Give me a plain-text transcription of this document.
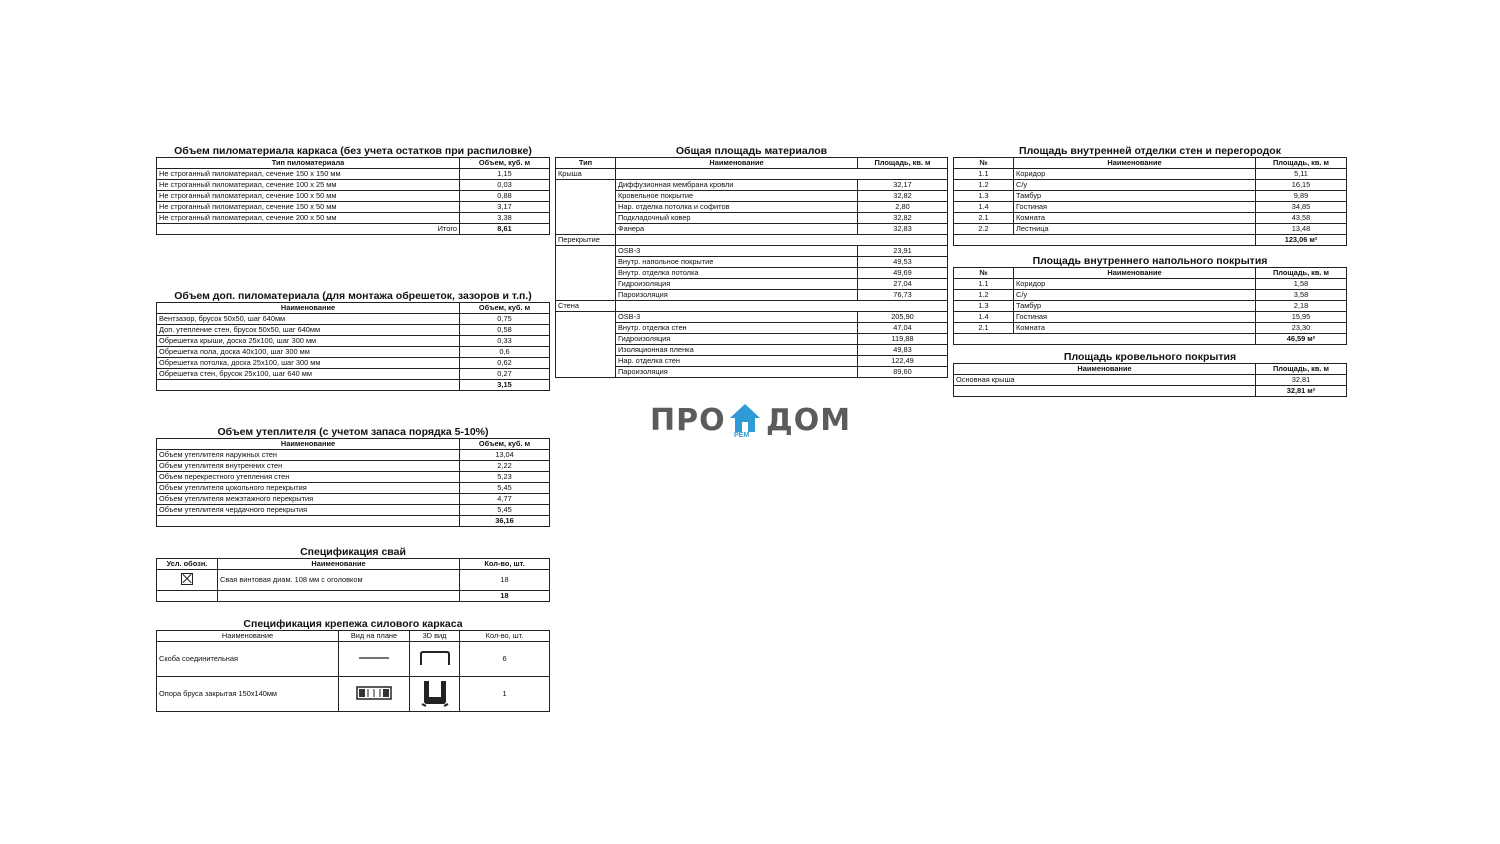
Объем пиломатериала каркаса (без учета остатков при распиловке)
Тип пиломатериала	Объем, куб. м
Не строганный пиломатериал, сечение 150 х 150 мм	1,15
Не строганный пиломатериал, сечение 100 х 25 мм	0,03
Не строганный пиломатериал, сечение 100 х 50 мм	0,88
Не строганный пиломатериал, сечение 150 х 50 мм	3,17
Не строганный пиломатериал, сечение 200 х 50 мм	3,38
Итого	8,61
Объем доп. пиломатериала (для монтажа обрешеток, зазоров и т.п.)
Наименование	Объем, куб. м
Вентзазор, брусок 50х50, шаг 640мм	0,75
Доп. утепление стен, брусок 50х50, шаг 640мм	0,58
Обрешетка крыши, доска 25х100, шаг 300 мм	0,33
Обрешетка пола, доска 40х100, шаг 300 мм	0,6
Обрешетка потолка, доска 25х100, шаг 300 мм	0,62
Обрешетка стен, брусок 25х100, шаг 640 мм	0,27
	3,15
Объем утеплителя (с учетом запаса порядка 5-10%)
Наименование	Объем, куб. м
Объем утеплителя наружных стен	13,04
Объем утеплителя внутренних стен	2,22
Объем перекрестного утепления стен	5,23
Объем утеплителя цокольного перекрытия	5,45
Объем утеплителя межэтажного перекрытия	4,77
Объем утеплителя чердачного перекрытия	5,45
	36,16
Спецификация свай
Усл. обозн.	Наименование	Кол-во, шт.
	Свая винтовая диам. 108 мм с оголовком	18
		18
Спецификация крепежа силового каркаса
Наименование	Вид на плане	3D вид	Кол-во, шт.
Скоба соединительная			6
Опора бруса закрытая 150х140мм			1
Общая площадь материалов
Тип	Наименование	Площадь, кв. м
Крыша		
	Диффузионная мембрана кровли	32,17
	Кровельное покрытие	32,82
	Нар. отделка потолка и софитов	2,80
	Подкладочный ковер	32,82
	Фанера	32,83
Перекрытие		
	OSB-3	23,91
	Внутр. напольное покрытие	49,53
	Внутр. отделка потолка	49,69
	Гидроизоляция	27,04
	Пароизоляция	76,73
Стена		
	OSB-3	205,90
	Внутр. отделка стен	47,04
	Гидроизоляция	119,88
	Изоляционная пленка	49,83
	Нар. отделка стен	122,49
	Пароизоляция	89,60
Площадь внутренней отделки стен и перегородок
№	Наименование	Площадь, кв. м
1.1	Коридор	5,11
1.2	С/у	16,15
1.3	Тамбур	9,89
1.4	Гостиная	34,85
2.1	Комната	43,58
2.2	Лестница	13,48
		123,06 м²
Площадь внутреннего напольного покрытия
№	Наименование	Площадь, кв. м
1.1	Коридор	1,58
1.2	С/у	3,58
1.3	Тамбур	2,18
1.4	Гостиная	15,95
2.1	Комната	23,30
		46,59 м²
Площадь кровельного покрытия
Наименование	Площадь, кв. м
Основная крыша	32,81
	32,81 м²
ПРО РЕМ ДОМ
